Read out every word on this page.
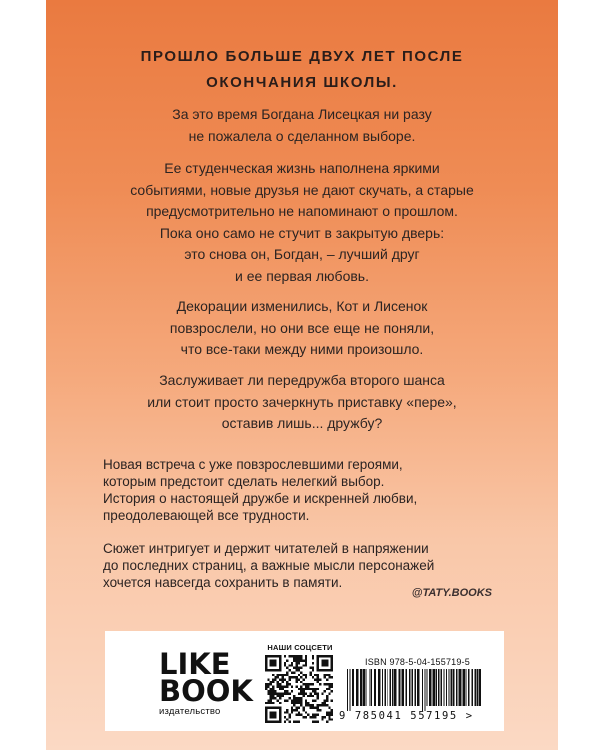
ПРОШЛО БОЛЬШЕ ДВУХ ЛЕТ ПОСЛЕ
ОКОНЧАНИЯ ШКОЛЫ.

За это время Богдана Лисецкая ни разу
не пожалела о сделанном выборе.

Ее студенческая жизнь наполнена яркими
событиями, новые друзья не дают скучать, а старые
предусмотрительно не напоминают о прошлом.
Пока оно само не стучит в закрытую дверь:
это снова он, Богдан, – лучший друг
и ее первая любовь.

Декорации изменились, Кот и Лисенок
повзрослели, но они все еще не поняли,
что все-таки между ними произошло.

Заслуживает ли передружба второго шанса
или стоит просто зачеркнуть приставку «пере»,
оставив лишь... дружбу?

Новая встреча с уже повзрослевшими героями,
которым предстоит сделать нелегкий выбор.
История о настоящей дружбе и искренней любви,
преодолевающей все трудности.

Сюжет интригует и держит читателей в напряжении
до последних страниц, а важные мысли персонажей
хочется навсегда сохранить в памяти.

@TATY.BOOKS
LIKE
BOOK
издательство
НАШИ СОЦСЕТИ
ISBN 978-5-04-155719-5
9 785041 557195 >
